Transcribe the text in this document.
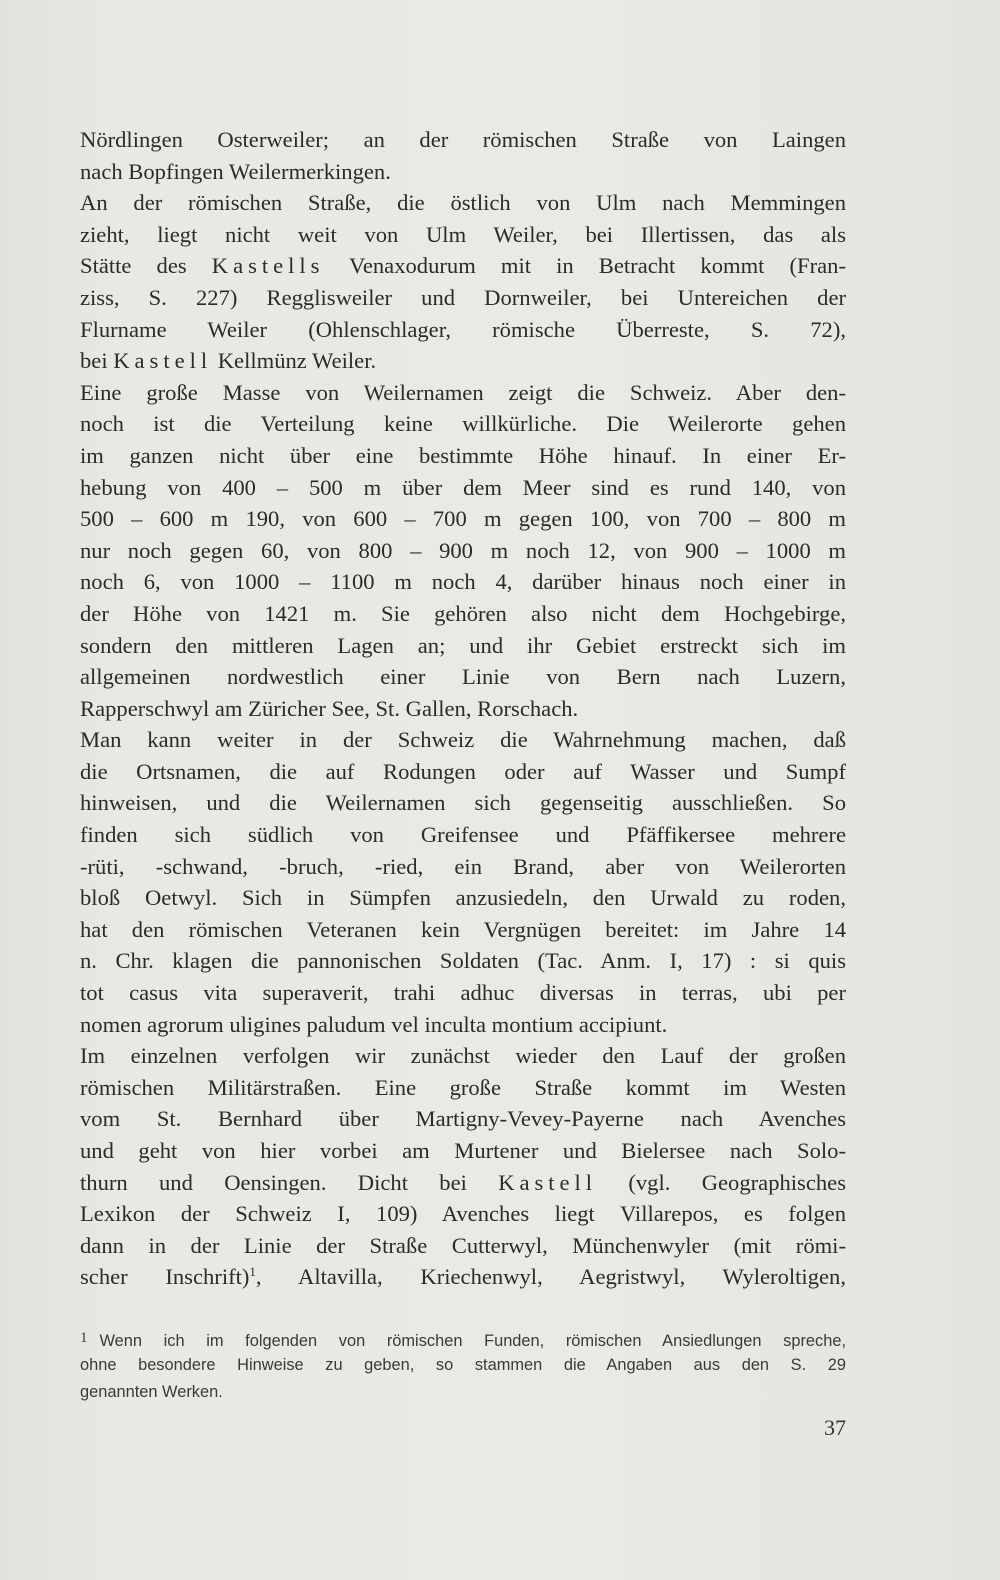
Nördlingen Osterweiler; an der römischen Straße von Laingen
nach Bopfingen Weilermerkingen.
An der römischen Straße, die östlich von Ulm nach Memmingen
zieht, liegt nicht weit von Ulm Weiler, bei Illertissen, das als
Stätte des Kastells Venaxodurum mit in Betracht kommt (Fran-
ziss, S. 227) Regglisweiler und Dornweiler, bei Untereichen der
Flurname Weiler (Ohlenschlager, römische Überreste, S. 72),
bei Kastell Kellmünz Weiler.
Eine große Masse von Weilernamen zeigt die Schweiz. Aber den-
noch ist die Verteilung keine willkürliche. Die Weilerorte gehen
im ganzen nicht über eine bestimmte Höhe hinauf. In einer Er-
hebung von 400 – 500 m über dem Meer sind es rund 140, von
500 – 600 m 190, von 600 – 700 m gegen 100, von 700 – 800 m
nur noch gegen 60, von 800 – 900 m noch 12, von 900 – 1000 m
noch 6, von 1000 – 1100 m noch 4, darüber hinaus noch einer in
der Höhe von 1421 m. Sie gehören also nicht dem Hochgebirge,
sondern den mittleren Lagen an; und ihr Gebiet erstreckt sich im
allgemeinen nordwestlich einer Linie von Bern nach Luzern,
Rapperschwyl am Züricher See, St. Gallen, Rorschach.
Man kann weiter in der Schweiz die Wahrnehmung machen, daß
die Ortsnamen, die auf Rodungen oder auf Wasser und Sumpf
hinweisen, und die Weilernamen sich gegenseitig ausschließen. So
finden sich südlich von Greifensee und Pfäffikersee mehrere
-rüti, -schwand, -bruch, -ried, ein Brand, aber von Weilerorten
bloß Oetwyl. Sich in Sümpfen anzusiedeln, den Urwald zu roden,
hat den römischen Veteranen kein Vergnügen bereitet: im Jahre 14
n. Chr. klagen die pannonischen Soldaten (Tac. Anm. I, 17) : si quis
tot casus vita superaverit, trahi adhuc diversas in terras, ubi per
nomen agrorum uligines paludum vel inculta montium accipiunt.
Im einzelnen verfolgen wir zunächst wieder den Lauf der großen
römischen Militärstraßen. Eine große Straße kommt im Westen
vom St. Bernhard über Martigny-Vevey-Payerne nach Avenches
und geht von hier vorbei am Murtener und Bielersee nach Solo-
thurn und Oensingen. Dicht bei Kastell (vgl. Geographisches
Lexikon der Schweiz I, 109) Avenches liegt Villarepos, es folgen
dann in der Linie der Straße Cutterwyl, Münchenwyler (mit römi-
scher Inschrift)$^1$, Altavilla, Kriechenwyl, Aegristwyl, Wyleroltigen,
1 Wenn ich im folgenden von römischen Funden, römischen Ansiedlungen spreche,
ohne besondere Hinweise zu geben, so stammen die Angaben aus den S. 29
genannten Werken.
37
